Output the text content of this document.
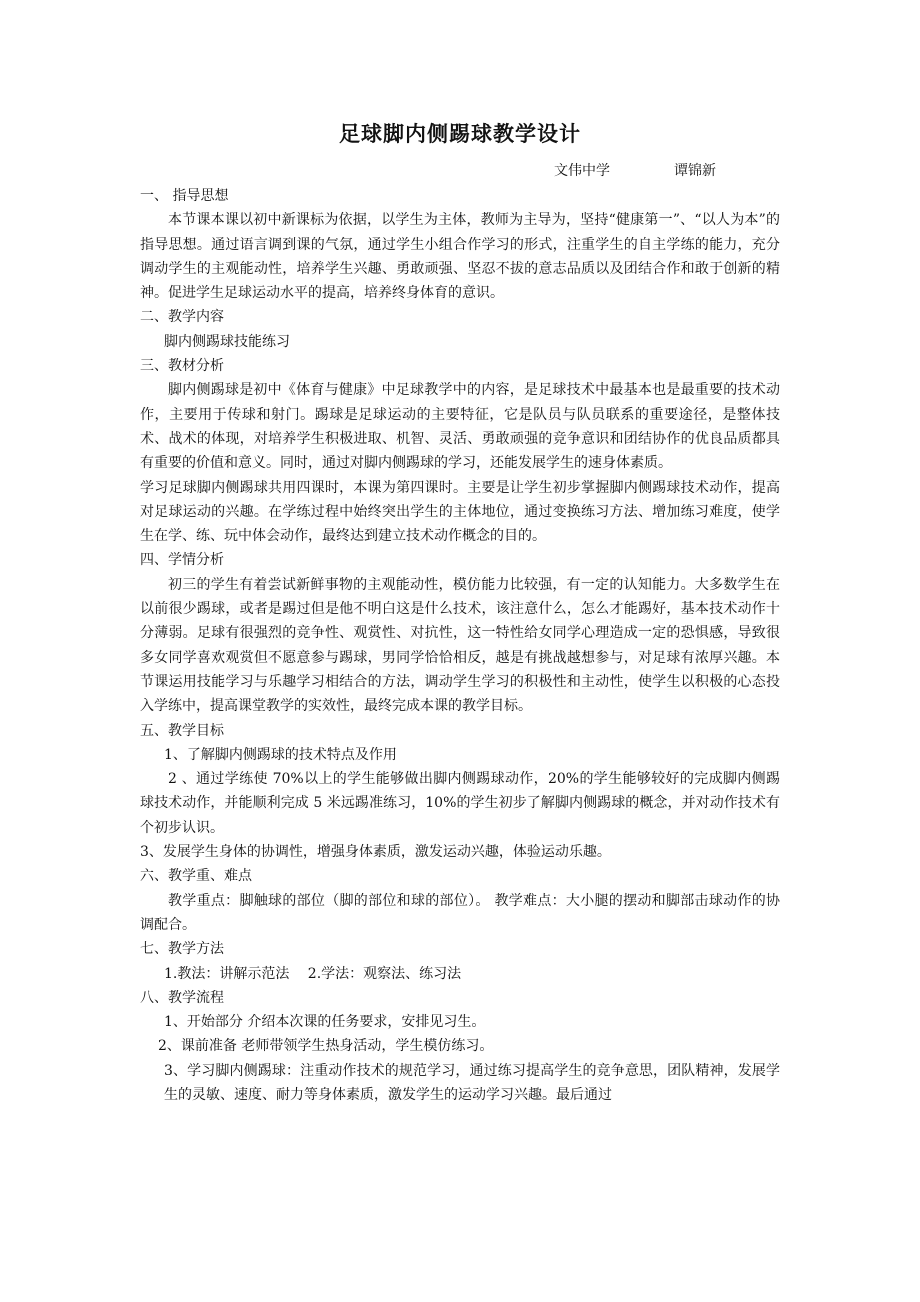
足球脚内侧踢球教学设计
文伟中学	谭锦新

一、 指导思想

本节课本课以初中新课标为依据，以学生为主体，教师为主导为，坚持“健康第一”、“以人为本”的指导思想。通过语言调到课的气氛，通过学生小组合作学习的形式，注重学生的自主学练的能力，充分调动学生的主观能动性，培养学生兴趣、勇敢顽强、坚忍不拔的意志品质以及团结合作和敢于创新的精神。促进学生足球运动水平的提高，培养终身体育的意识。

二、教学内容

脚内侧踢球技能练习

三、教材分析

脚内侧踢球是初中《体育与健康》中足球教学中的内容，是足球技术中最基本也是最重要的技术动作，主要用于传球和射门。踢球是足球运动的主要特征，它是队员与队员联系的重要途径，是整体技术、战术的体现，对培养学生积极进取、机智、灵活、勇敢顽强的竞争意识和团结协作的优良品质都具有重要的价值和意义。同时，通过对脚内侧踢球的学习，还能发展学生的速身体素质。

学习足球脚内侧踢球共用四课时，本课为第四课时。主要是让学生初步掌握脚内侧踢球技术动作，提高对足球运动的兴趣。在学练过程中始终突出学生的主体地位，通过变换练习方法、增加练习难度，使学生在学、练、玩中体会动作，最终达到建立技术动作概念的目的。

四、学情分析

初三的学生有着尝试新鲜事物的主观能动性，模仿能力比较强，有一定的认知能力。大多数学生在以前很少踢球，或者是踢过但是他不明白这是什么技术，该注意什么，怎么才能踢好，基本技术动作十分薄弱。足球有很强烈的竞争性、观赏性、对抗性，这一特性给女同学心理造成一定的恐惧感，导致很多女同学喜欢观赏但不愿意参与踢球，男同学恰恰相反，越是有挑战越想参与，对足球有浓厚兴趣。本节课运用技能学习与乐趣学习相结合的方法，调动学生学习的积极性和主动性，使学生以积极的心态投入学练中，提高课堂教学的实效性，最终完成本课的教学目标。

五、教学目标

1、了解脚内侧踢球的技术特点及作用

2 、通过学练使 70%以上的学生能够做出脚内侧踢球动作，20%的学生能够较好的完成脚内侧踢球技术动作，并能顺利完成 5 米远踢准练习，10%的学生初步了解脚内侧踢球的概念，并对动作技术有个初步认识。

3、发展学生身体的协调性，增强身体素质，激发运动兴趣，体验运动乐趣。

六、教学重、难点

教学重点：脚触球的部位（脚的部位和球的部位）。 教学难点：大小腿的摆动和脚部击球动作的协调配合。

七、教学方法

1.教法：讲解示范法　 2.学法：观察法、练习法

八、教学流程

1、开始部分 介绍本次课的任务要求，安排见习生。

2、课前准备 老师带领学生热身活动，学生模仿练习。

3、学习脚内侧踢球：注重动作技术的规范学习，通过练习提高学生的竞争意思，团队精神，发展学生的灵敏、速度、耐力等身体素质，激发学生的运动学习兴趣。最后通过
